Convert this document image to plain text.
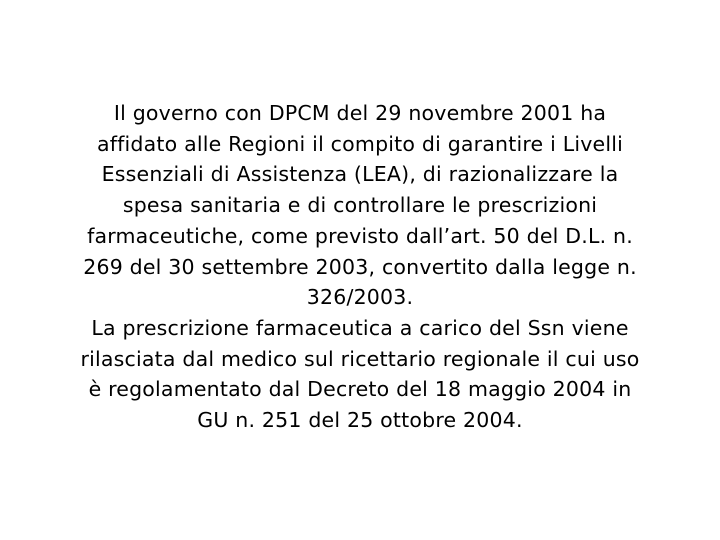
Il governo con DPCM del 29 novembre 2001 ha
affidato alle Regioni il compito di garantire i Livelli
Essenziali di Assistenza (LEA), di razionalizzare la
spesa sanitaria e di controllare le prescrizioni
farmaceutiche, come previsto dall’art. 50 del D.L. n.
269 del 30 settembre 2003, convertito dalla legge n.
326/2003.
La prescrizione farmaceutica a carico del Ssn viene
rilasciata dal medico sul ricettario regionale il cui uso
è regolamentato dal Decreto del 18 maggio 2004 in
GU n. 251 del 25 ottobre 2004.
